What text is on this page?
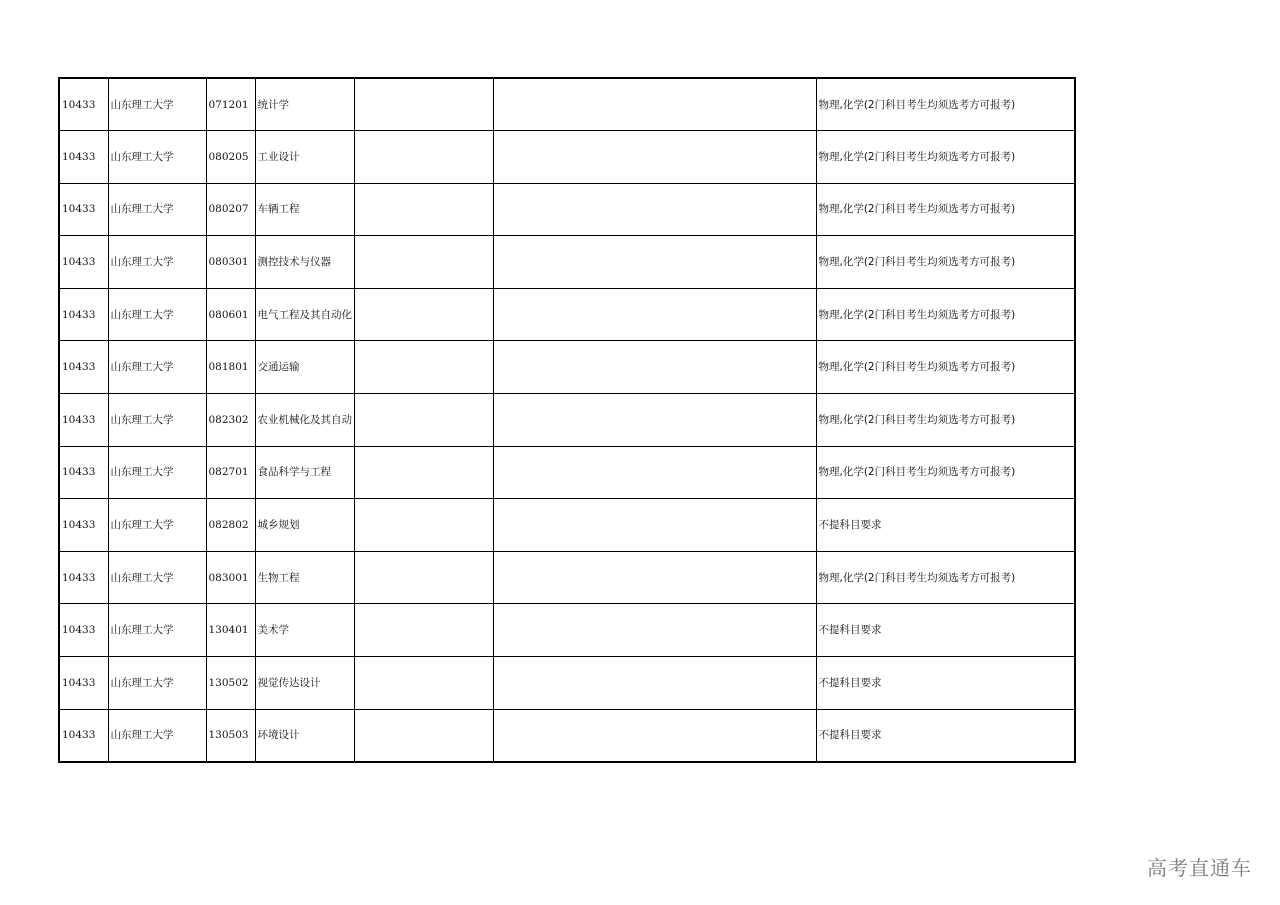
10433	山东理工大学	071201	统计学			物理,化学(2门科目考生均须选考方可报考)
10433	山东理工大学	080205	工业设计			物理,化学(2门科目考生均须选考方可报考)
10433	山东理工大学	080207	车辆工程			物理,化学(2门科目考生均须选考方可报考)
10433	山东理工大学	080301	测控技术与仪器			物理,化学(2门科目考生均须选考方可报考)
10433	山东理工大学	080601	电气工程及其自动化			物理,化学(2门科目考生均须选考方可报考)
10433	山东理工大学	081801	交通运输			物理,化学(2门科目考生均须选考方可报考)
10433	山东理工大学	082302	农业机械化及其自动			物理,化学(2门科目考生均须选考方可报考)
10433	山东理工大学	082701	食品科学与工程			物理,化学(2门科目考生均须选考方可报考)
10433	山东理工大学	082802	城乡规划			不提科目要求
10433	山东理工大学	083001	生物工程			物理,化学(2门科目考生均须选考方可报考)
10433	山东理工大学	130401	美术学			不提科目要求
10433	山东理工大学	130502	视觉传达设计			不提科目要求
10433	山东理工大学	130503	环境设计			不提科目要求
高考直通车
